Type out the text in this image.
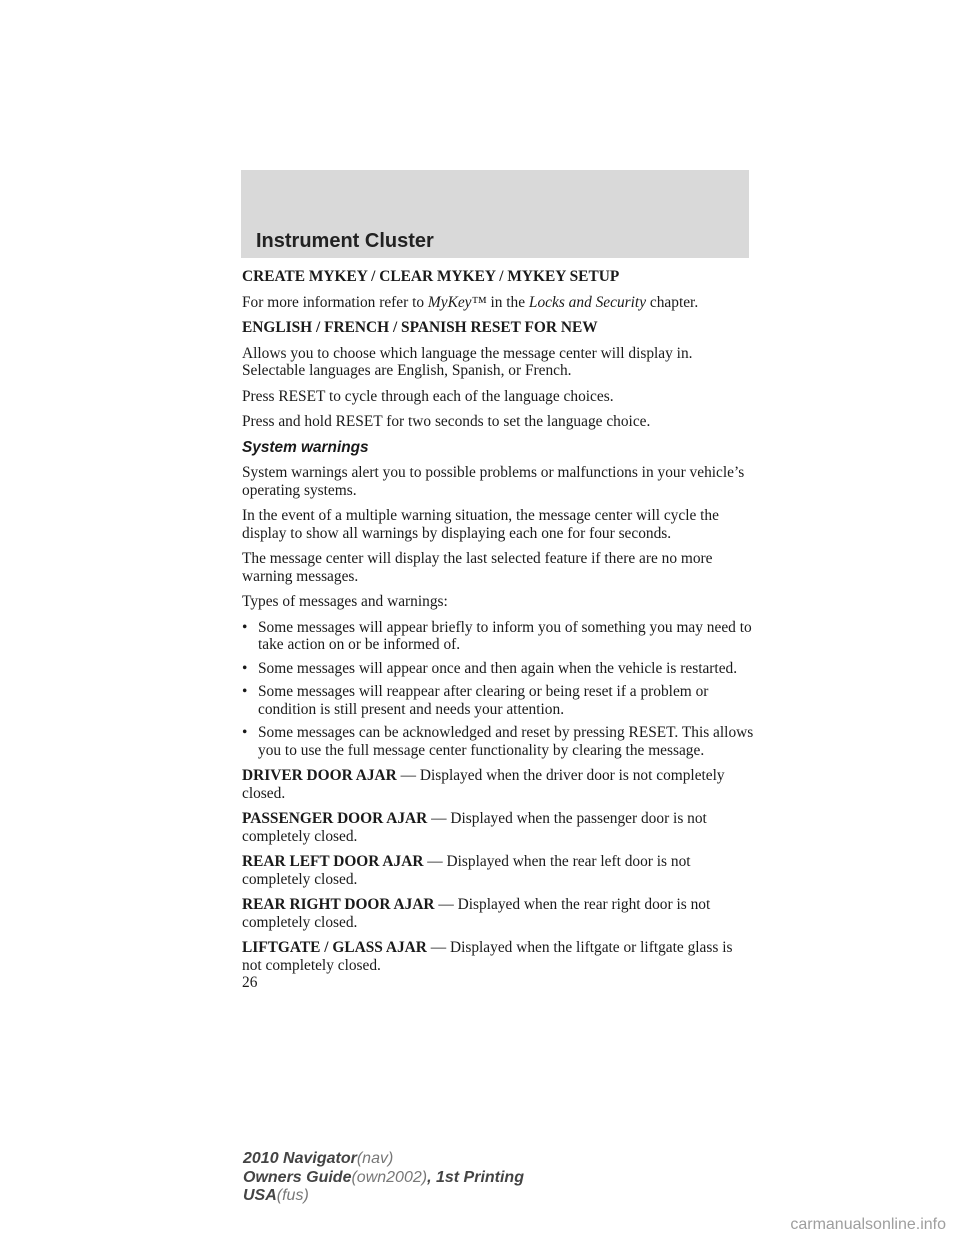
Instrument Cluster

CREATE MYKEY / CLEAR MYKEY / MYKEY SETUP

For more information refer to MyKey™ in the Locks and Security chapter.

ENGLISH / FRENCH / SPANISH RESET FOR NEW

Allows you to choose which language the message center will display in. Selectable languages are English, Spanish, or French.

Press RESET to cycle through each of the language choices.

Press and hold RESET for two seconds to set the language choice.

System warnings

System warnings alert you to possible problems or malfunctions in your vehicle’s operating systems.

In the event of a multiple warning situation, the message center will cycle the display to show all warnings by displaying each one for four seconds.

The message center will display the last selected feature if there are no more warning messages.

Types of messages and warnings:

• Some messages will appear briefly to inform you of something you may need to take action on or be informed of.
• Some messages will appear once and then again when the vehicle is restarted.
• Some messages will reappear after clearing or being reset if a problem or condition is still present and needs your attention.
• Some messages can be acknowledged and reset by pressing RESET. This allows you to use the full message center functionality by clearing the message.

DRIVER DOOR AJAR — Displayed when the driver door is not completely closed.

PASSENGER DOOR AJAR — Displayed when the passenger door is not completely closed.

REAR LEFT DOOR AJAR — Displayed when the rear left door is not completely closed.

REAR RIGHT DOOR AJAR — Displayed when the rear right door is not completely closed.

LIFTGATE / GLASS AJAR — Displayed when the liftgate or liftgate glass is not completely closed.

26
2010 Navigator(nav)
Owners Guide(own2002), 1st Printing
USA(fus)
carmanualsonline.info
